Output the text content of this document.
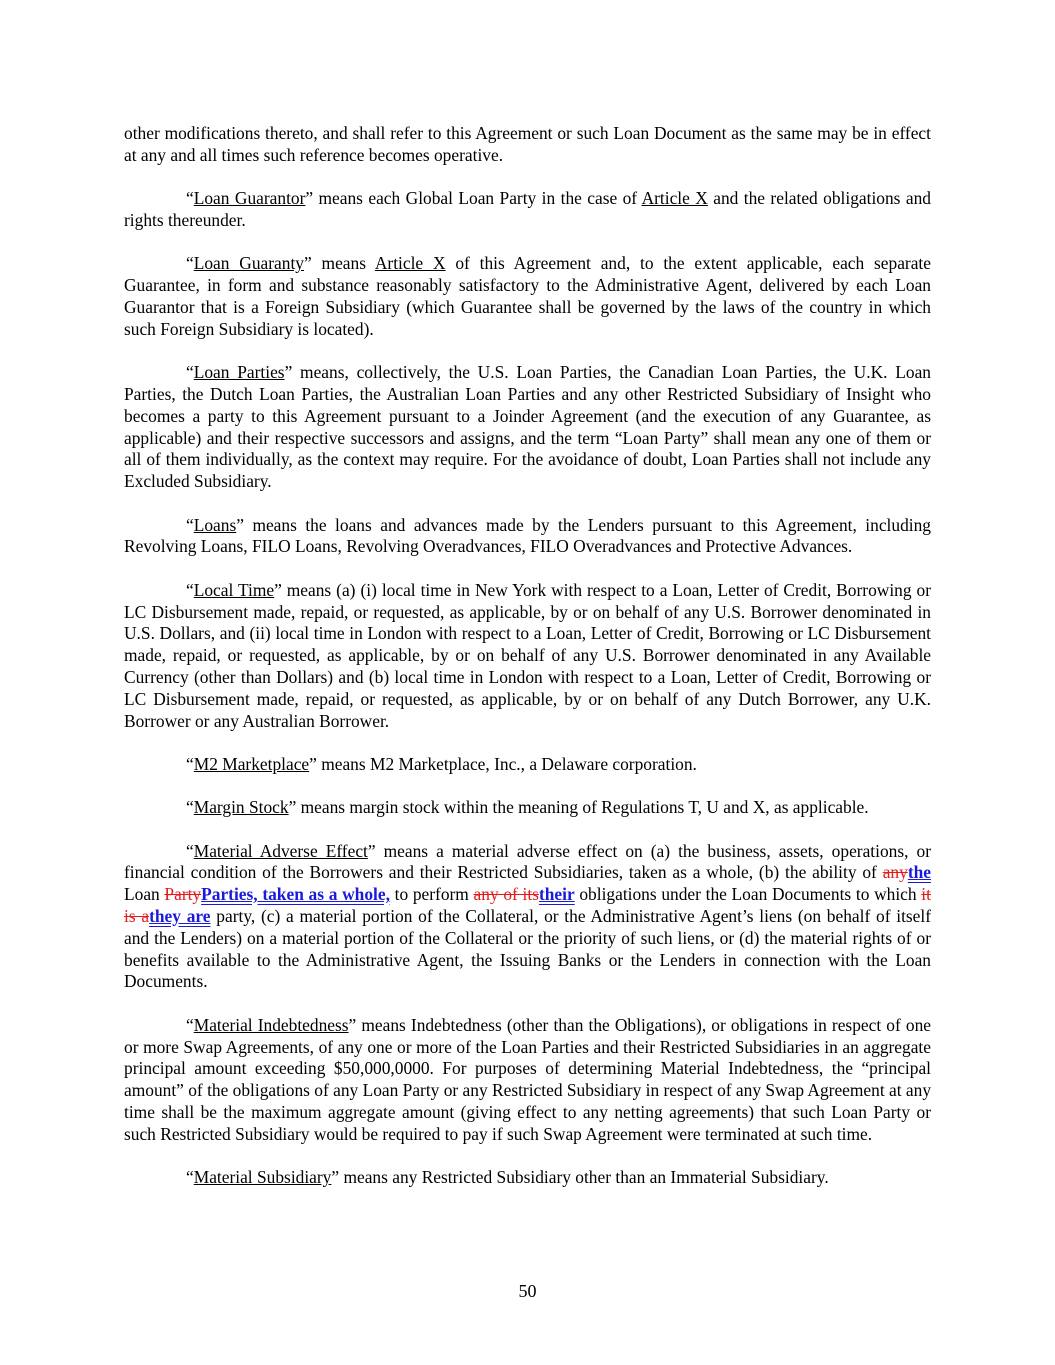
other modifications thereto, and shall refer to this Agreement or such Loan Document as the same may be in effect at any and all times such reference becomes operative.

“Loan Guarantor” means each Global Loan Party in the case of Article X and the related obligations and rights thereunder.

“Loan Guaranty” means Article X of this Agreement and, to the extent applicable, each separate Guarantee, in form and substance reasonably satisfactory to the Administrative Agent, delivered by each Loan Guarantor that is a Foreign Subsidiary (which Guarantee shall be governed by the laws of the country in which such Foreign Subsidiary is located).

“Loan Parties” means, collectively, the U.S. Loan Parties, the Canadian Loan Parties, the U.K. Loan Parties, the Dutch Loan Parties, the Australian Loan Parties and any other Restricted Subsidiary of Insight who becomes a party to this Agreement pursuant to a Joinder Agreement (and the execution of any Guarantee, as applicable) and their respective successors and assigns, and the term “Loan Party” shall mean any one of them or all of them individually, as the context may require. For the avoidance of doubt, Loan Parties shall not include any Excluded Subsidiary.

“Loans” means the loans and advances made by the Lenders pursuant to this Agreement, including Revolving Loans, FILO Loans, Revolving Overadvances, FILO Overadvances and Protective Advances.

“Local Time” means (a) (i) local time in New York with respect to a Loan, Letter of Credit, Borrowing or LC Disbursement made, repaid, or requested, as applicable, by or on behalf of any U.S. Borrower denominated in U.S. Dollars, and (ii) local time in London with respect to a Loan, Letter of Credit, Borrowing or LC Disbursement made, repaid, or requested, as applicable, by or on behalf of any U.S. Borrower denominated in any Available Currency (other than Dollars) and (b) local time in London with respect to a Loan, Letter of Credit, Borrowing or LC Disbursement made, repaid, or requested, as applicable, by or on behalf of any Dutch Borrower, any U.K. Borrower or any Australian Borrower.

“M2 Marketplace” means M2 Marketplace, Inc., a Delaware corporation.

“Margin Stock” means margin stock within the meaning of Regulations T, U and X, as applicable.

“Material Adverse Effect” means a material adverse effect on (a) the business, assets, operations, or financial condition of the Borrowers and their Restricted Subsidiaries, taken as a whole, (b) the ability of anythe Loan PartyParties, taken as a whole, to perform any of itstheir obligations under the Loan Documents to which it is athey are party, (c) a material portion of the Collateral, or the Administrative Agent’s liens (on behalf of itself and the Lenders) on a material portion of the Collateral or the priority of such liens, or (d) the material rights of or benefits available to the Administrative Agent, the Issuing Banks or the Lenders in connection with the Loan Documents.

“Material Indebtedness” means Indebtedness (other than the Obligations), or obligations in respect of one or more Swap Agreements, of any one or more of the Loan Parties and their Restricted Subsidiaries in an aggregate principal amount exceeding $50,000,0000. For purposes of determining Material Indebtedness, the “principal amount” of the obligations of any Loan Party or any Restricted Subsidiary in respect of any Swap Agreement at any time shall be the maximum aggregate amount (giving effect to any netting agreements) that such Loan Party or such Restricted Subsidiary would be required to pay if such Swap Agreement were terminated at such time.

“Material Subsidiary” means any Restricted Subsidiary other than an Immaterial Subsidiary.

50
